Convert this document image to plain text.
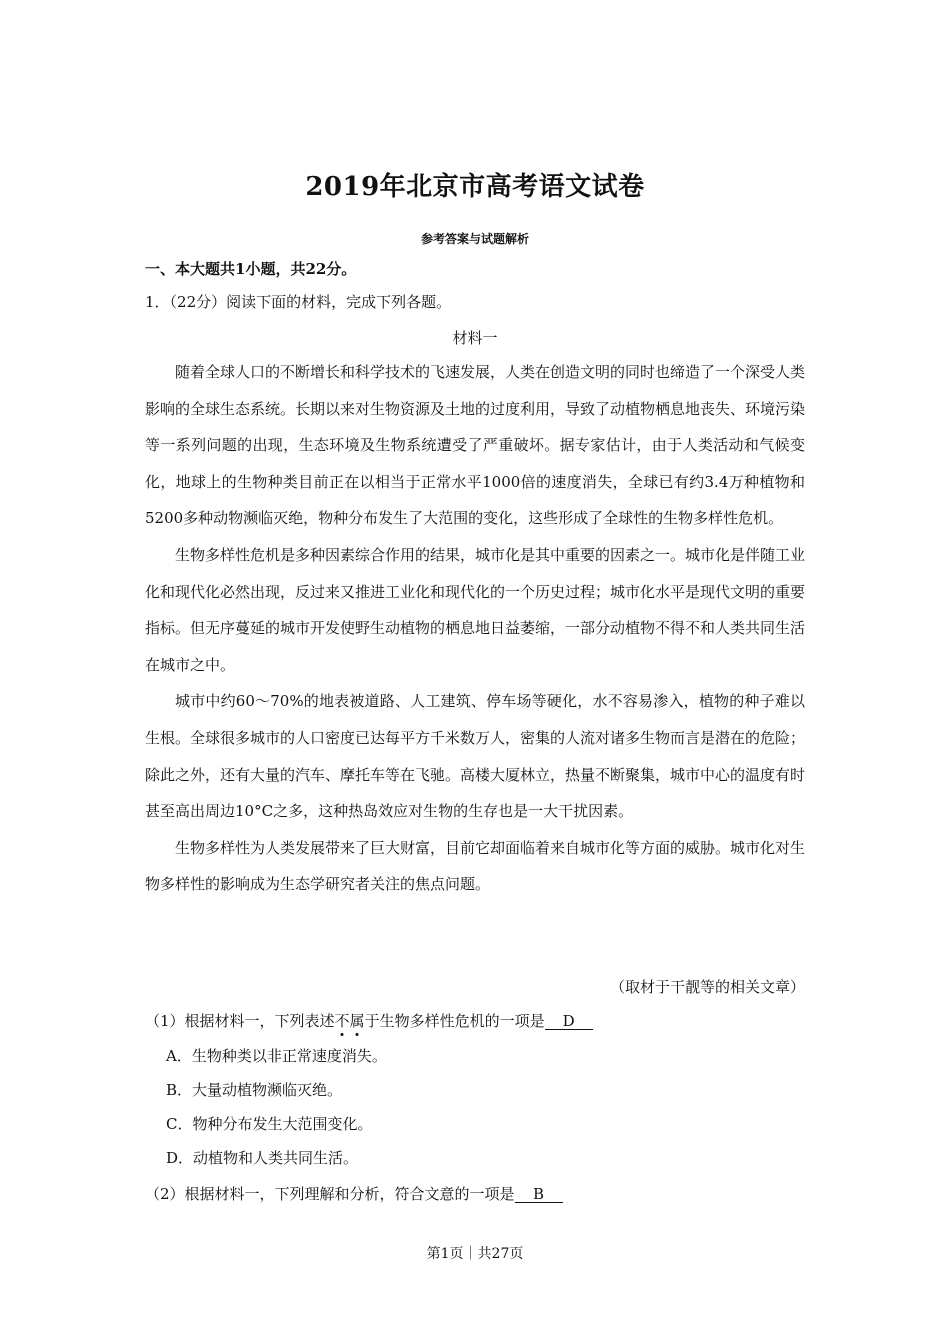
2019年北京市高考语文试卷
参考答案与试题解析
一、本大题共1小题，共22分。
1．（22分）阅读下面的材料，完成下列各题。
材料一

随着全球人口的不断增长和科学技术的飞速发展，人类在创造文明的同时也缔造了一个深受人类影响的全球生态系统。长期以来对生物资源及土地的过度利用，导致了动植物栖息地丧失、环境污染等一系列问题的出现，生态环境及生物系统遭受了严重破坏。据专家估计，由于人类活动和气候变化，地球上的生物种类目前正在以相当于正常水平1000倍的速度消失，全球已有约3.4万种植物和5200多种动物濒临灭绝，物种分布发生了大范围的变化，这些形成了全球性的生物多样性危机。

生物多样性危机是多种因素综合作用的结果，城市化是其中重要的因素之一。城市化是伴随工业化和现代化必然出现，反过来又推进工业化和现代化的一个历史过程；城市化水平是现代文明的重要指标。但无序蔓延的城市开发使野生动植物的栖息地日益萎缩，一部分动植物不得不和人类共同生活在城市之中。

城市中约60～70%的地表被道路、人工建筑、停车场等硬化，水不容易渗入，植物的种子难以生根。全球很多城市的人口密度已达每平方千米数万人，密集的人流对诸多生物而言是潜在的危险；除此之外，还有大量的汽车、摩托车等在飞驰。高楼大厦林立，热量不断聚集，城市中心的温度有时甚至高出周边10°C之多，这种热岛效应对生物的生存也是一大干扰因素。

生物多样性为人类发展带来了巨大财富，目前它却面临着来自城市化等方面的威胁。城市化对生物多样性的影响成为生态学研究者关注的焦点问题。

（取材于干靓等的相关文章）
（1）根据材料一，下列表述不属于生物多样性危机的一项是 D
A．生物种类以非正常速度消失。
B．大量动植物濒临灭绝。
C．物种分布发生大范围变化。
D．动植物和人类共同生活。
（2）根据材料一，下列理解和分析，符合文意的一项是 B
第1页｜共27页
